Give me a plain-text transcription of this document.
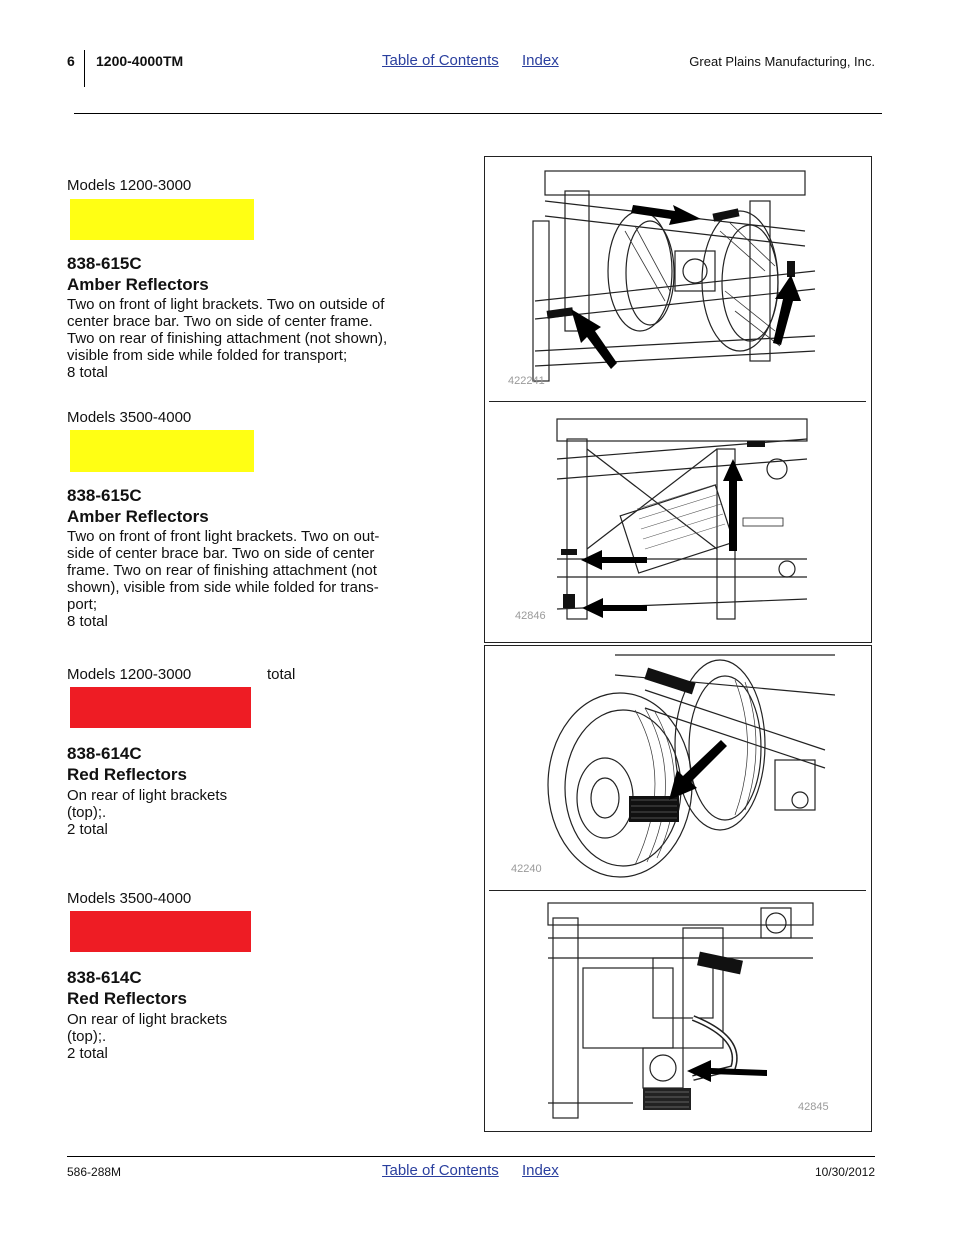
6 1200-4000TM	Table of Contents Index	Great Plains Manufacturing, Inc.
Models 1200-3000
838-615C
Amber Reflectors
Two on front of light brackets. Two on outside of
center brace bar. Two on side of center frame.
Two on rear of finishing attachment (not shown),
visible from side while folded for transport;
8 total
Models 3500-4000
838-615C
Amber Reflectors
Two on front of front light brackets. Two on out-
side of center brace bar. Two on side of center
frame. Two on rear of finishing attachment (not
shown), visible from side while folded for trans-
port;
8 total
Models 1200-3000	total
838-614C
Red Reflectors
On rear of light brackets
(top);.
2 total
Models 3500-4000
838-614C
Red Reflectors
On rear of light brackets
(top);.
2 total
422241
42846
42240
42845
586-288M	Table of Contents Index	10/30/2012
